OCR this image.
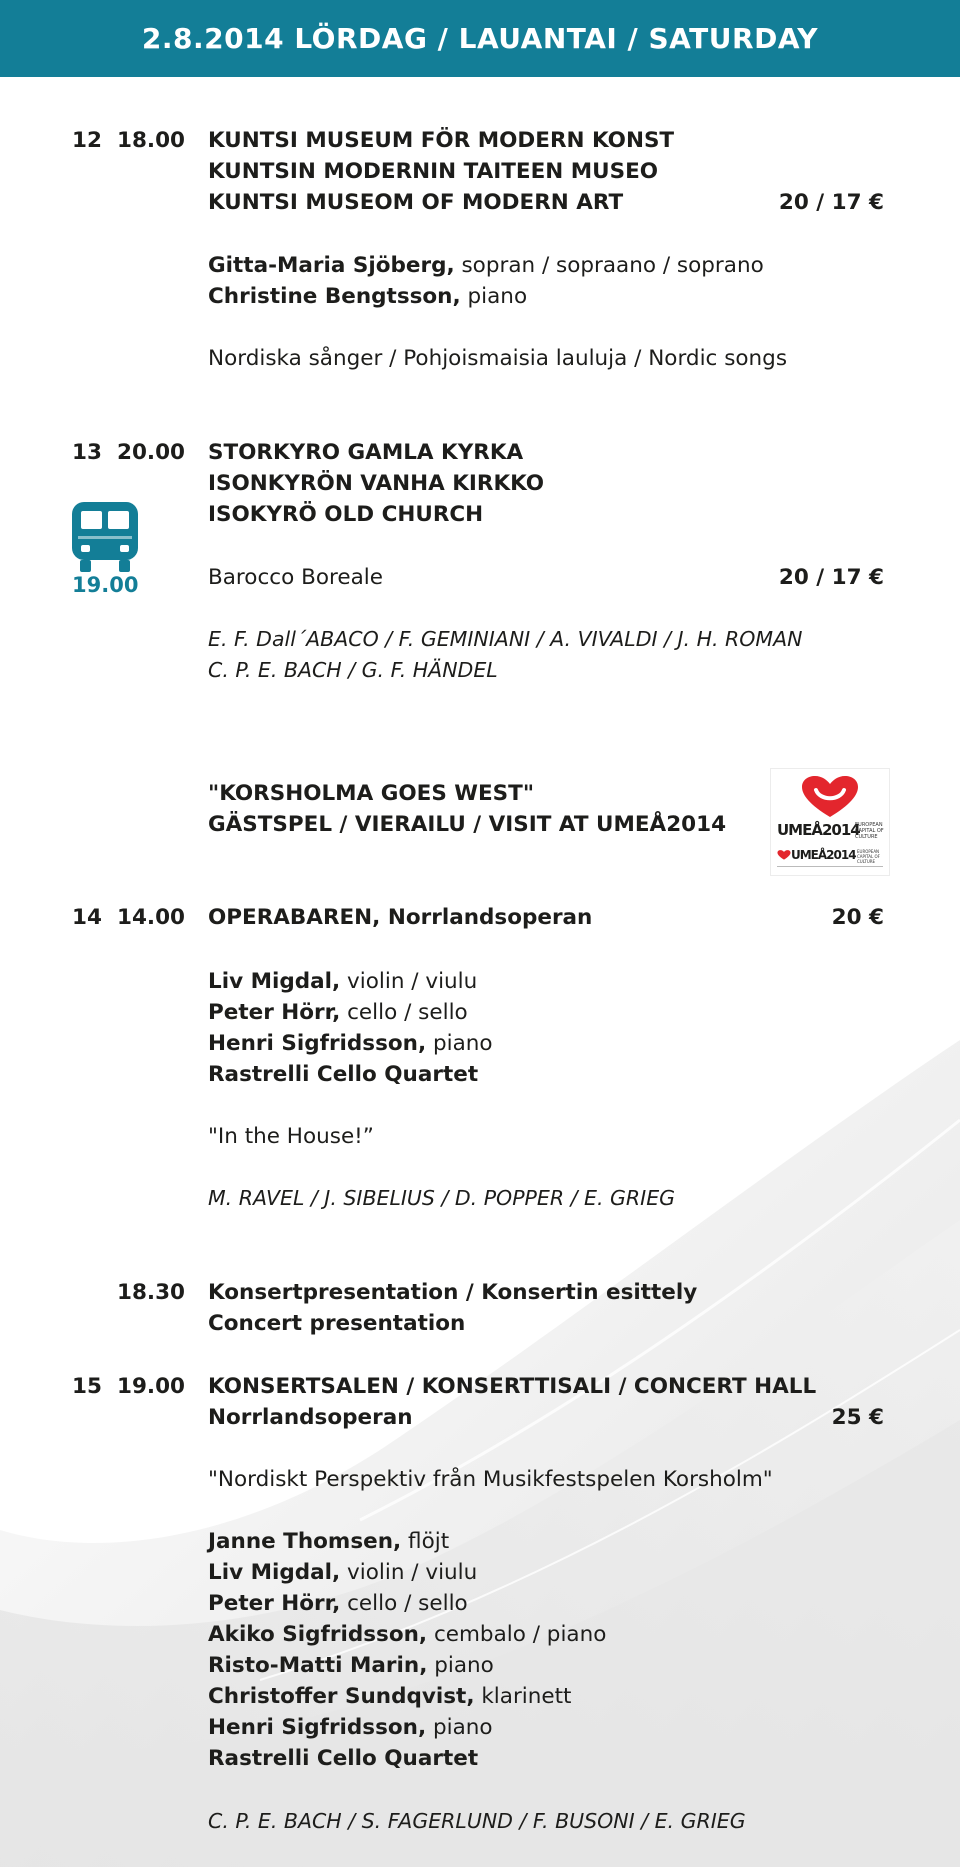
2.8.2014 LÖRDAG / LAUANTAI / SATURDAY
12 18.00	KUNTSI MUSEUM FÖR MODERN KONST
KUNTSIN MODERNIN TAITEEN MUSEO
KUNTSI MUSEOM OF MODERN ART	20 / 17 €
Gitta-Maria Sjöberg, sopran / sopraano / soprano
Christine Bengtsson, piano
Nordiska sånger / Pohjoismaisia lauluja / Nordic songs
13 20.00	STORKYRO GAMLA KYRKA
ISONKYRÖN VANHA KIRKKO
ISOKYRÖ OLD CHURCH
19.00	Barocco Boreale	20 / 17 €
E. F. Dall´ABACO / F. GEMINIANI / A. VIVALDI / J. H. ROMAN
C. P. E. BACH / G. F. HÄNDEL
"KORSHOLMA GOES WEST"
GÄSTSPEL / VIERAILU / VISIT AT UMEÅ2014	UMEÅ2014
EUROPEAN CAPITAL OF CULTURE
UMEÅ2014 EUROPEAN CAPITAL OF CULTURE
14 14.00	OPERABAREN, Norrlandsoperan	20 €
Liv Migdal, violin / viulu
Peter Hörr, cello / sello
Henri Sigfridsson, piano
Rastrelli Cello Quartet
"In the House!”
M. RAVEL / J. SIBELIUS / D. POPPER / E. GRIEG
18.30	Konsertpresentation / Konsertin esittely
Concert presentation
15 19.00	KONSERTSALEN / KONSERTTISALI / CONCERT HALL
Norrlandsoperan	25 €
"Nordiskt Perspektiv från Musikfestspelen Korsholm"
Janne Thomsen, flöjt
Liv Migdal, violin / viulu
Peter Hörr, cello / sello
Akiko Sigfridsson, cembalo / piano
Risto-Matti Marin, piano
Christoffer Sundqvist, klarinett
Henri Sigfridsson, piano
Rastrelli Cello Quartet
C. P. E. BACH / S. FAGERLUND / F. BUSONI / E. GRIEG
